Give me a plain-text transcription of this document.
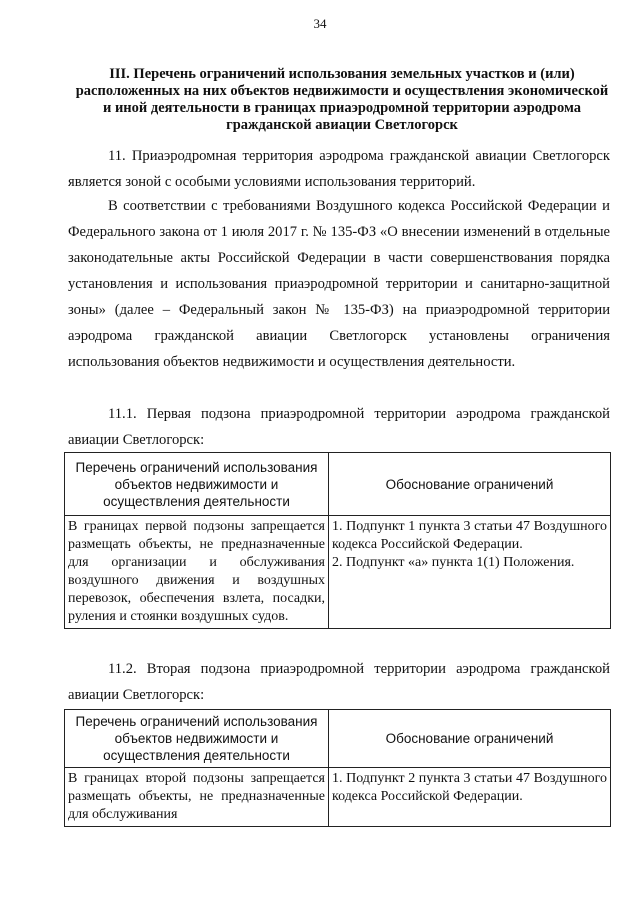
34
III. Перечень ограничений использования земельных участков и (или) расположенных на них объектов недвижимости и осуществления экономической и иной деятельности в границах приаэродромной территории аэродрома гражданской авиации Светлогорск

11. Приаэродромная территория аэродрома гражданской авиации Светлогорск является зоной с особыми условиями использования территорий.

В соответствии с требованиями Воздушного кодекса Российской Федерации и Федерального закона от 1 июля 2017 г. № 135-ФЗ «О внесении изменений в отдельные законодательные акты Российской Федерации в части совершенствования порядка установления и использования приаэродромной территории и санитарно-защитной зоны» (далее – Федеральный закон № 135-ФЗ) на приаэродромной территории аэродрома гражданской авиации Светлогорск установлены ограничения использования объектов недвижимости и осуществления деятельности.

11.1. Первая подзона приаэродромной территории аэродрома гражданской авиации Светлогорск:

Перечень ограничений использования объектов недвижимости и осуществления деятельности	Обоснование ограничений
В границах первой подзоны запрещается размещать объекты, не предназначенные для организации и обслуживания воздушного движения и воздушных перевозок, обеспечения взлета, посадки, руления и стоянки воздушных судов.	1. Подпункт 1 пункта 3 статьи 47 Воздушного кодекса Российской Федерации.
2. Подпункт «а» пункта 1(1) Положения.

11.2. Вторая подзона приаэродромной территории аэродрома гражданской авиации Светлогорск:

Перечень ограничений использования объектов недвижимости и осуществления деятельности	Обоснование ограничений
В границах второй подзоны запрещается размещать объекты, не предназначенные для обслуживания	1. Подпункт 2 пункта 3 статьи 47 Воздушного кодекса Российской Федерации.
